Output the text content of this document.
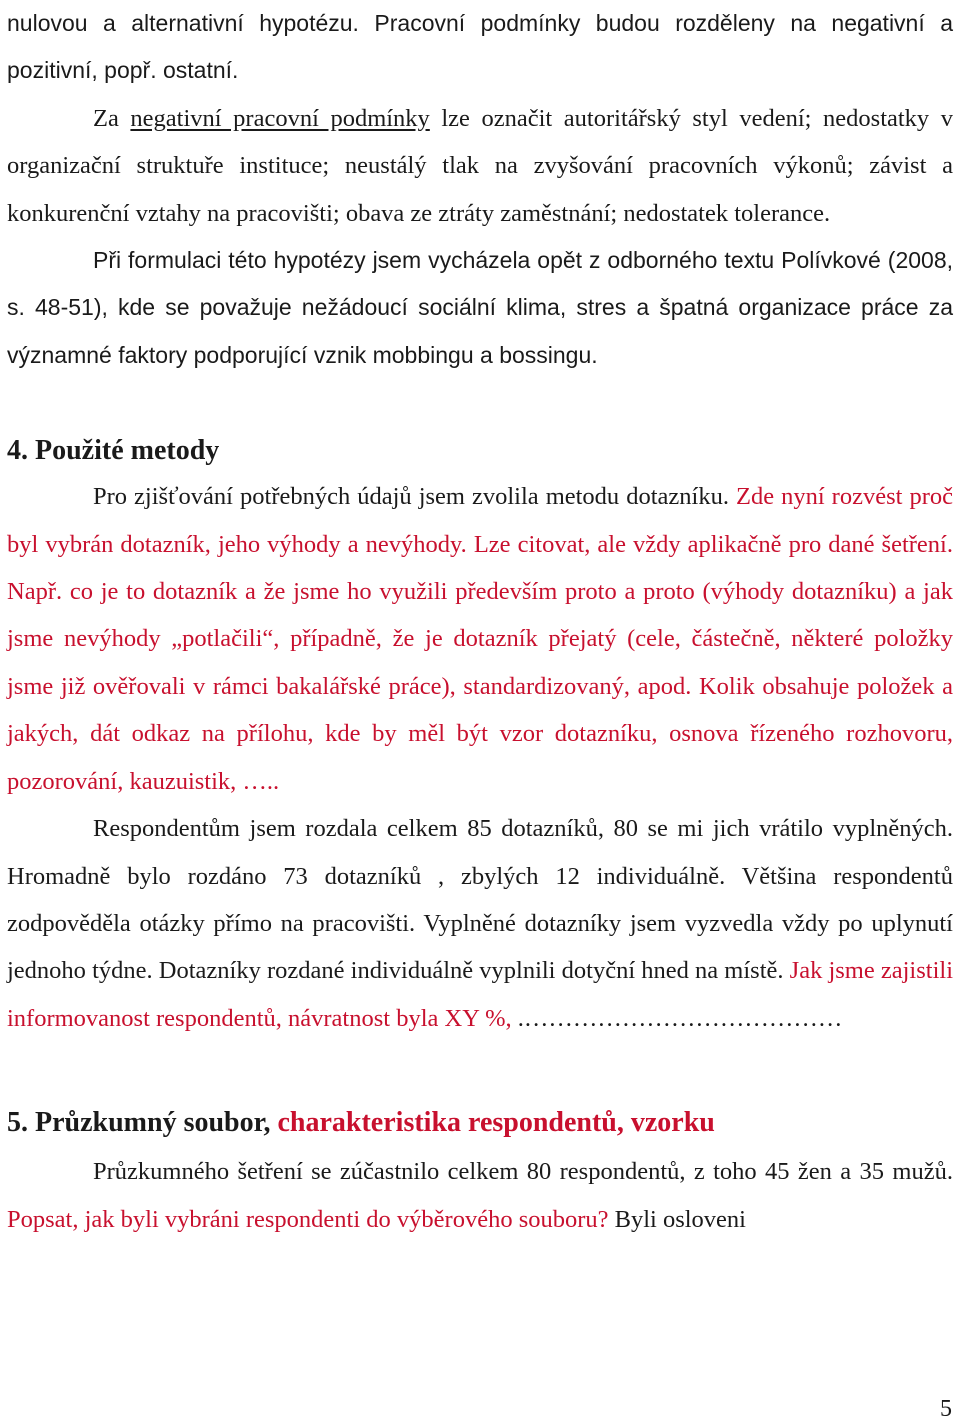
nulovou a alternativní hypotézu. Pracovní podmínky budou rozděleny na negativní a pozitivní, popř. ostatní.

Za negativní pracovní podmínky lze označit autoritářský styl vedení; nedostatky v organizační struktuře instituce; neustálý tlak na zvyšování pracovních výkonů; závist a konkurenční vztahy na pracovišti; obava ze ztráty zaměstnání; nedostatek tolerance.

Při formulaci této hypotézy jsem vycházela opět z odborného textu Polívkové (2008, s. 48-51), kde se považuje nežádoucí sociální klima, stres a špatná organizace práce za významné faktory podporující vznik mobbingu a bossingu.

4. Použité metody

Pro zjišťování potřebných údajů jsem zvolila metodu dotazníku. Zde nyní rozvést proč byl vybrán dotazník, jeho výhody a nevýhody. Lze citovat, ale vždy aplikačně pro dané šetření. Např. co je to dotazník a že jsme ho využili především proto a proto (výhody dotazníku) a jak jsme nevýhody „potlačili“, případně, že je dotazník přejatý (cele, částečně, některé položky jsme již ověřovali v rámci bakalářské práce), standardizovaný, apod. Kolik obsahuje položek a jakých, dát odkaz na přílohu, kde by měl být vzor dotazníku, osnova řízeného rozhovoru, pozorování, kauzuistik, …..

Respondentům jsem rozdala celkem 85 dotazníků, 80 se mi jich vrátilo vyplněných. Hromadně bylo rozdáno 73 dotazníků , zbylých 12 individuálně. Většina respondentů zodpověděla otázky přímo na pracovišti. Vyplněné dotazníky jsem vyzvedla vždy po uplynutí jednoho týdne. Dotazníky rozdané individuálně vyplnili dotyční hned na místě. Jak jsme zajistili informovanost respondentů, návratnost byla XY %, .…………………………………

5. Průzkumný soubor, charakteristika respondentů, vzorku

Průzkumného šetření se zúčastnilo celkem 80 respondentů, z toho 45 žen a 35 mužů. Popsat, jak byli vybráni respondenti do výběrového souboru? Byli osloveni

5
